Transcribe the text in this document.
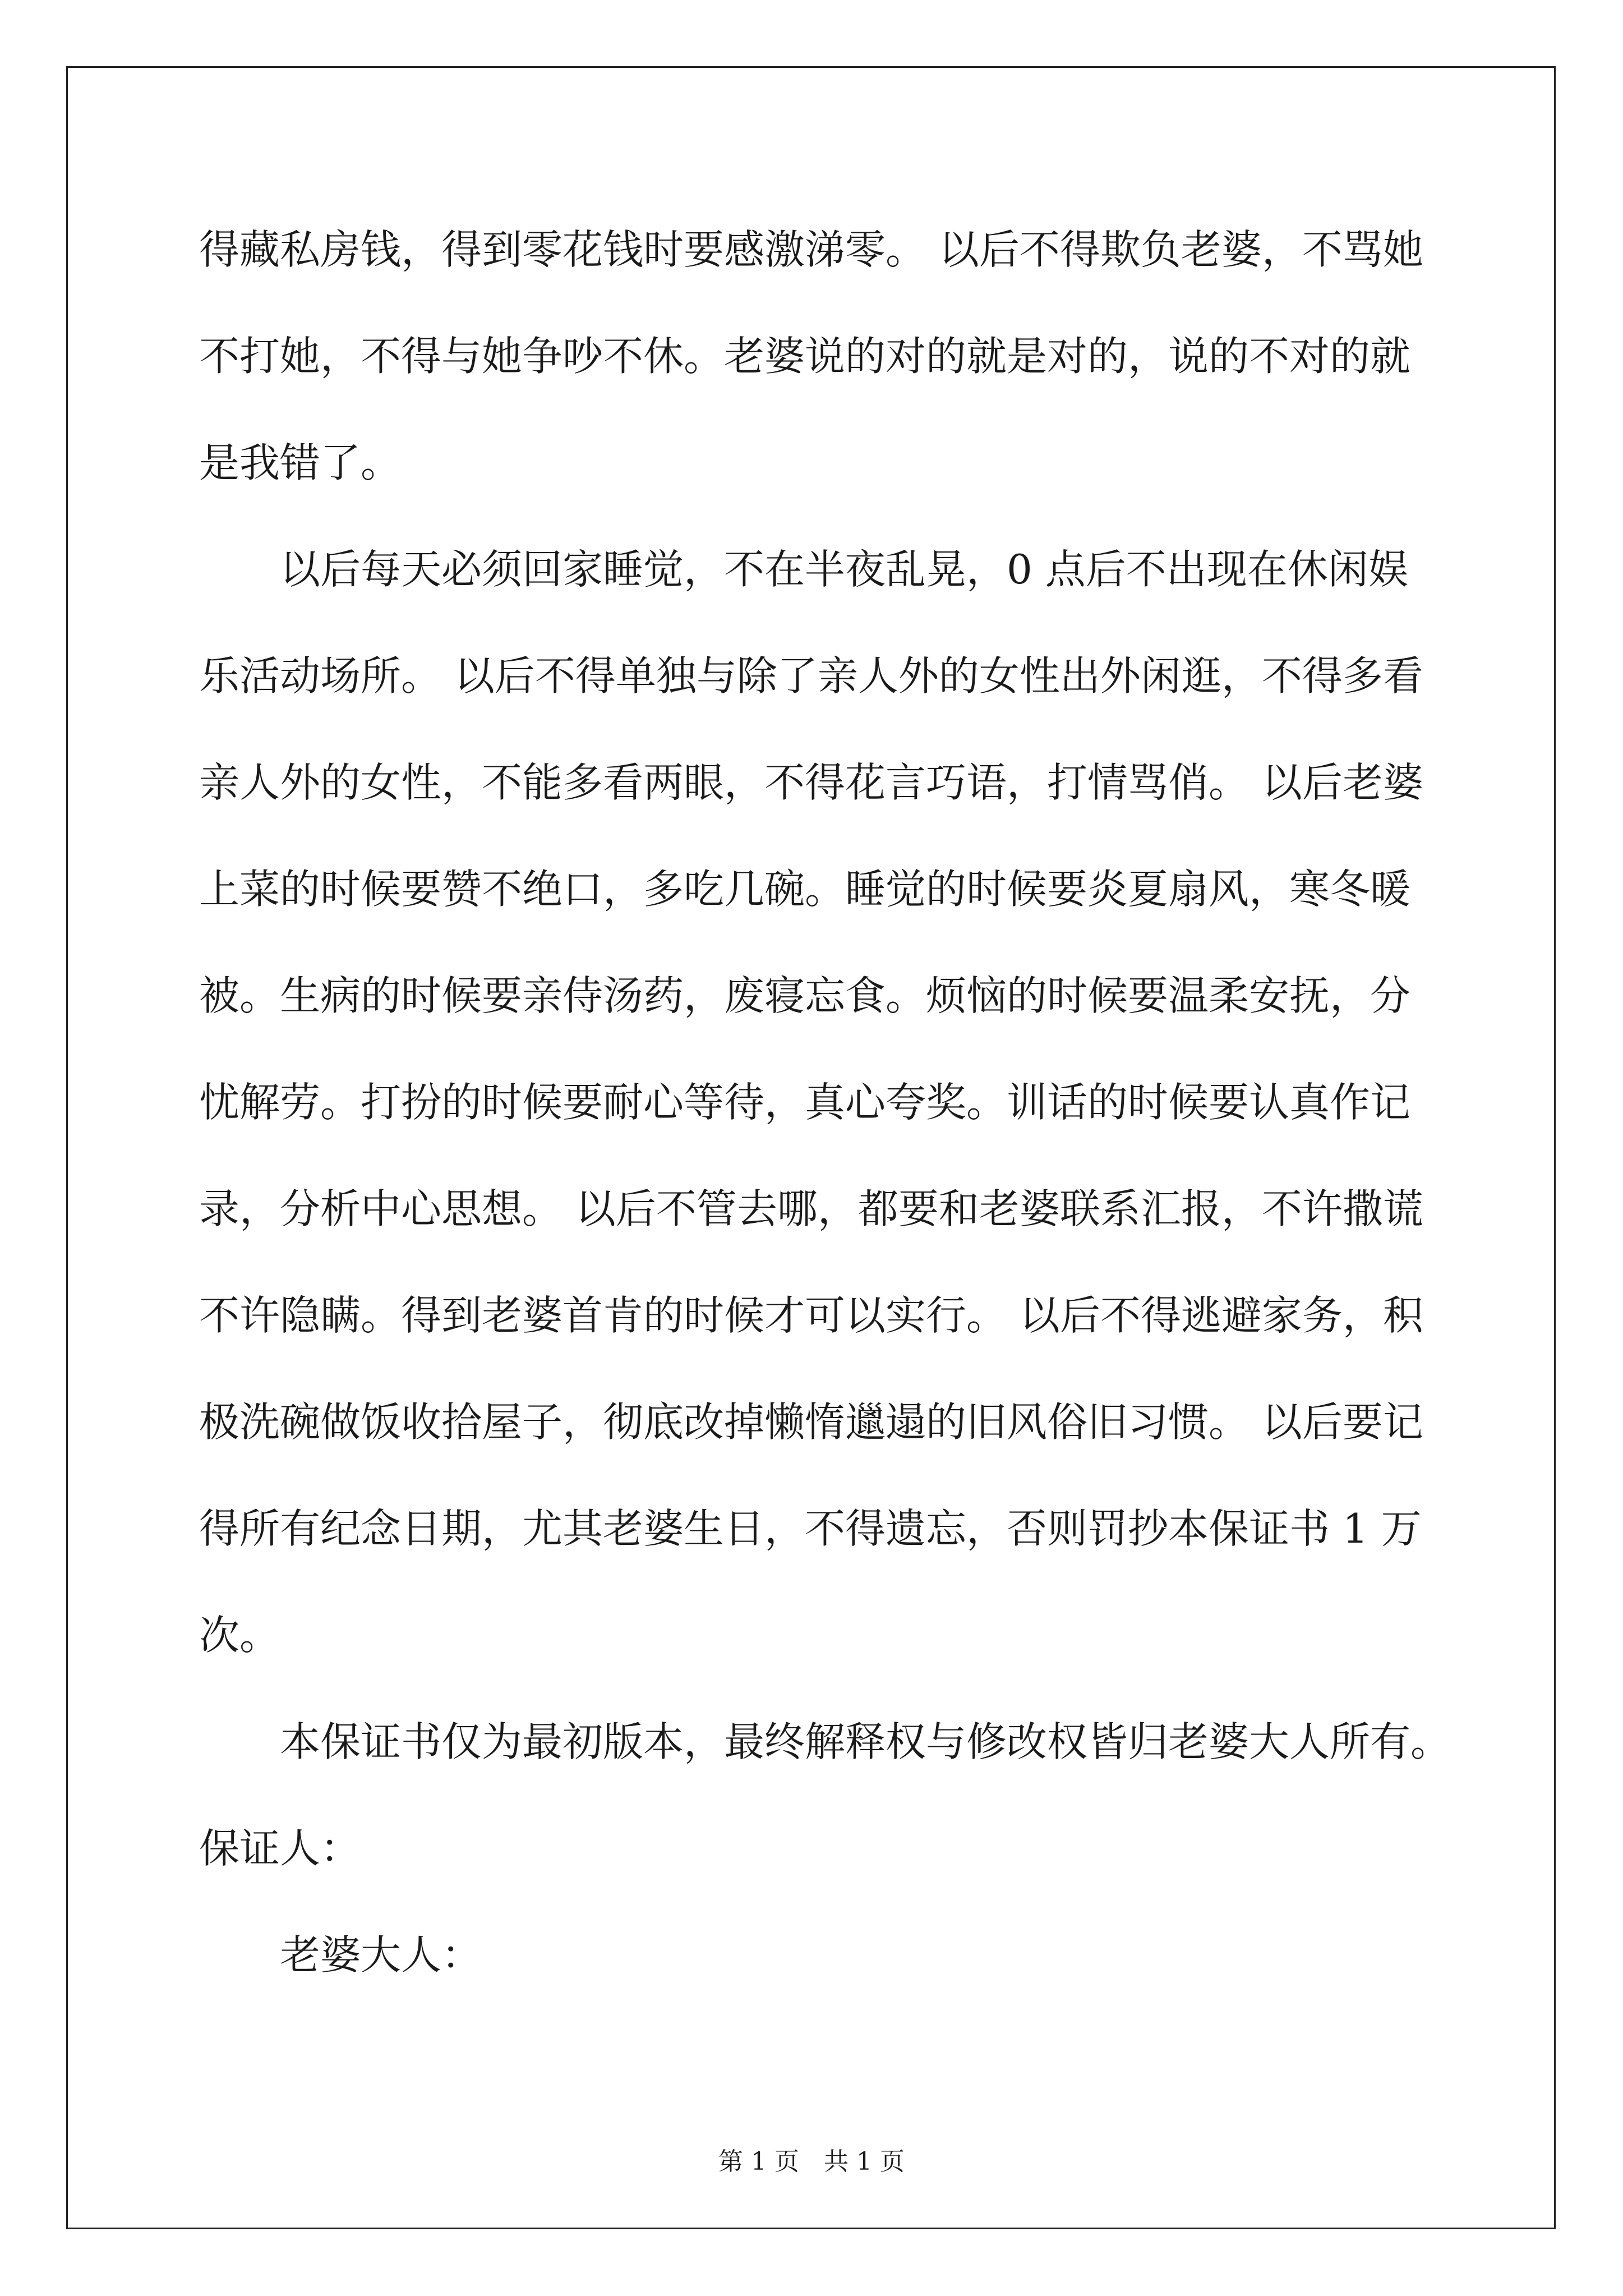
得藏私房钱，得到零花钱时要感激涕零。 以后不得欺负老婆，不骂她
不打她，不得与她争吵不休。老婆说的对的就是对的，说的不对的就
是我错了。
　　以后每天必须回家睡觉，不在半夜乱晃，0 点后不出现在休闲娱
乐活动场所。 以后不得单独与除了亲人外的女性出外闲逛，不得多看
亲人外的女性，不能多看两眼，不得花言巧语，打情骂俏。 以后老婆
上菜的时候要赞不绝口，多吃几碗。睡觉的时候要炎夏扇风，寒冬暖
被。生病的时候要亲侍汤药，废寝忘食。烦恼的时候要温柔安抚，分
忧解劳。打扮的时候要耐心等待，真心夸奖。训话的时候要认真作记
录，分析中心思想。 以后不管去哪，都要和老婆联系汇报，不许撒谎
不许隐瞒。得到老婆首肯的时候才可以实行。 以后不得逃避家务，积
极洗碗做饭收拾屋子，彻底改掉懒惰邋遢的旧风俗旧习惯。 以后要记
得所有纪念日期，尤其老婆生日，不得遗忘，否则罚抄本保证书 1 万
次。
　　本保证书仅为最初版本，最终解释权与修改权皆归老婆大人所有。
保证人：
　　老婆大人：
第 1 页 共 1 页
